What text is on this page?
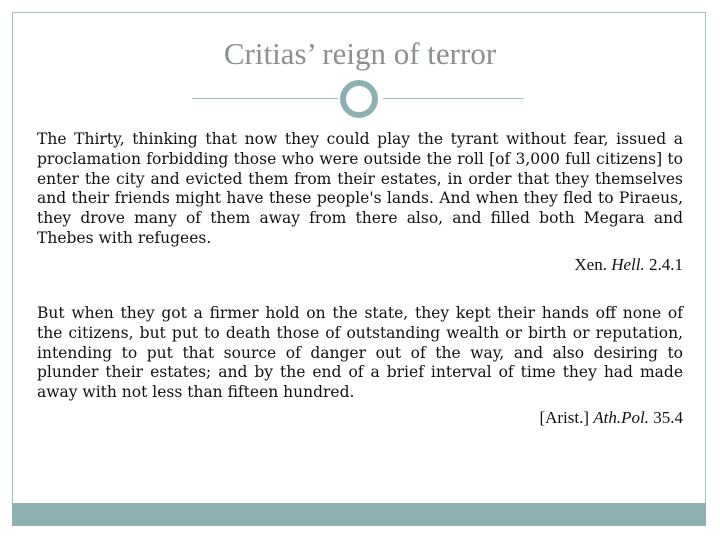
Critias’ reign of terror

The Thirty, thinking that now they could play the tyrant without fear, issued a proclamation forbidding those who were outside the roll [of 3,000 full citizens] to enter the city and evicted them from their estates, in order that they themselves and their friends might have these people's lands. And when they fled to Piraeus, they drove many of them away from there also, and filled both Megara and Thebes with refugees.

Xen. Hell. 2.4.1

But when they got a firmer hold on the state, they kept their hands off none of the citizens, but put to death those of outstanding wealth or birth or reputation, intending to put that source of danger out of the way, and also desiring to plunder their estates; and by the end of a brief interval of time they had made away with not less than fifteen hundred.

[Arist.] Ath.Pol. 35.4
